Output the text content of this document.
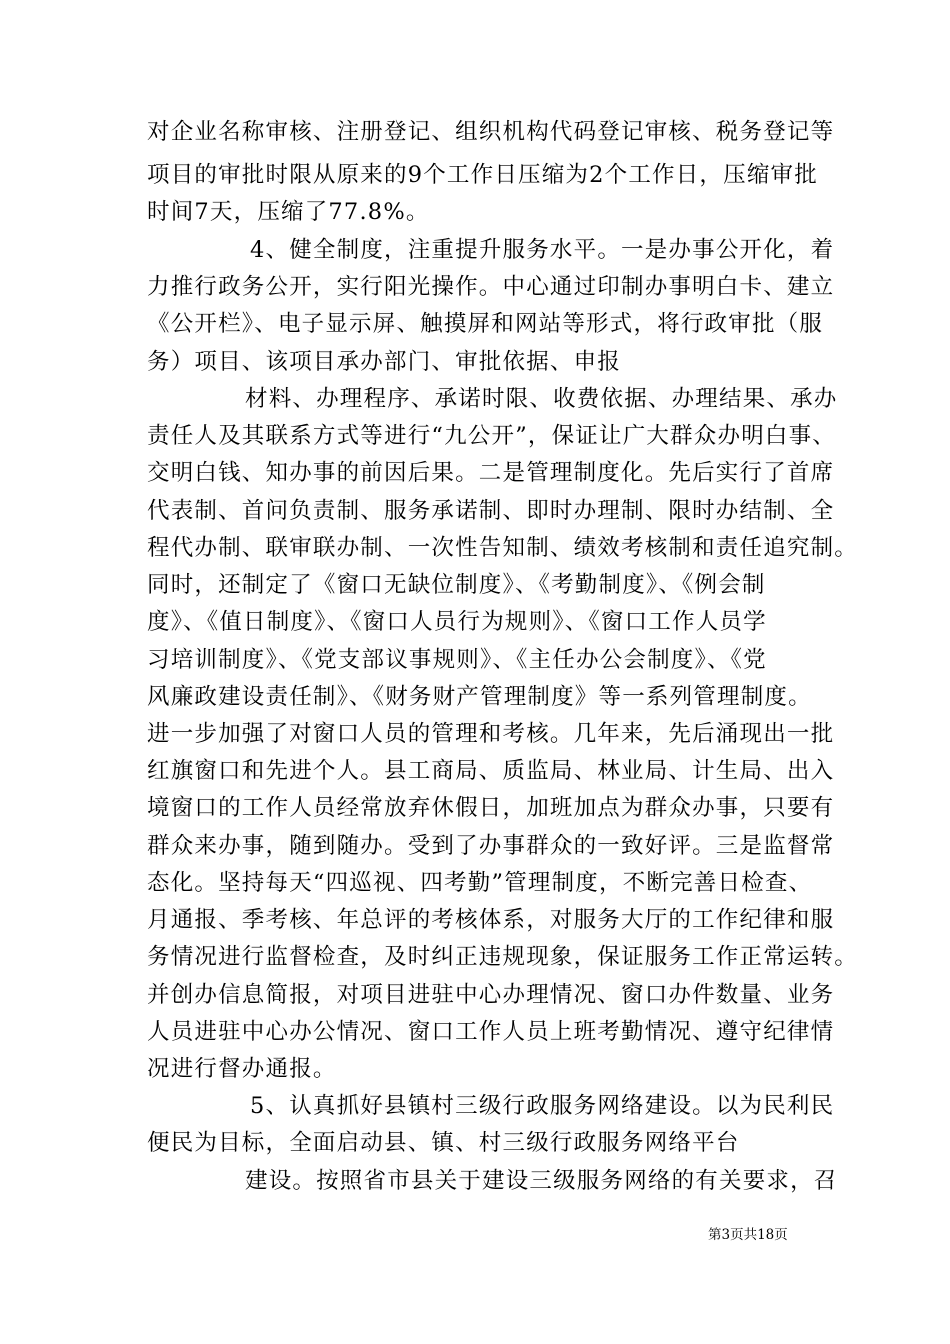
对企业名称审核、注册登记、组织机构代码登记审核、税务登记等
项目的审批时限从原来的9个工作日压缩为2个工作日，压缩审批
时间7天，压缩了77.8%。
4、健全制度，注重提升服务水平。一是办事公开化，着
力推行政务公开，实行阳光操作。中心通过印制办事明白卡、建立
《公开栏》、电子显示屏、触摸屏和网站等形式，将行政审批（服
务）项目、该项目承办部门、审批依据、申报
材料、办理程序、承诺时限、收费依据、办理结果、承办
责任人及其联系方式等进行“九公开”，保证让广大群众办明白事、
交明白钱、知办事的前因后果。二是管理制度化。先后实行了首席
代表制、首问负责制、服务承诺制、即时办理制、限时办结制、全
程代办制、联审联办制、一次性告知制、绩效考核制和责任追究制。
同时，还制定了《窗口无缺位制度》、《考勤制度》、《例会制
度》、《值日制度》、《窗口人员行为规则》、《窗口工作人员学
习培训制度》、《党支部议事规则》、《主任办公会制度》、《党
风廉政建设责任制》、《财务财产管理制度》等一系列管理制度。
进一步加强了对窗口人员的管理和考核。几年来，先后涌现出一批
红旗窗口和先进个人。县工商局、质监局、林业局、计生局、出入
境窗口的工作人员经常放弃休假日，加班加点为群众办事，只要有
群众来办事，随到随办。受到了办事群众的一致好评。三是监督常
态化。坚持每天“四巡视、四考勤”管理制度，不断完善日检查、
月通报、季考核、年总评的考核体系，对服务大厅的工作纪律和服
务情况进行监督检查，及时纠正违规现象，保证服务工作正常运转。
并创办信息简报，对项目进驻中心办理情况、窗口办件数量、业务
人员进驻中心办公情况、窗口工作人员上班考勤情况、遵守纪律情
况进行督办通报。
5、认真抓好县镇村三级行政服务网络建设。以为民利民
便民为目标，全面启动县、镇、村三级行政服务网络平台
建设。按照省市县关于建设三级服务网络的有关要求，召
第3页共18页
